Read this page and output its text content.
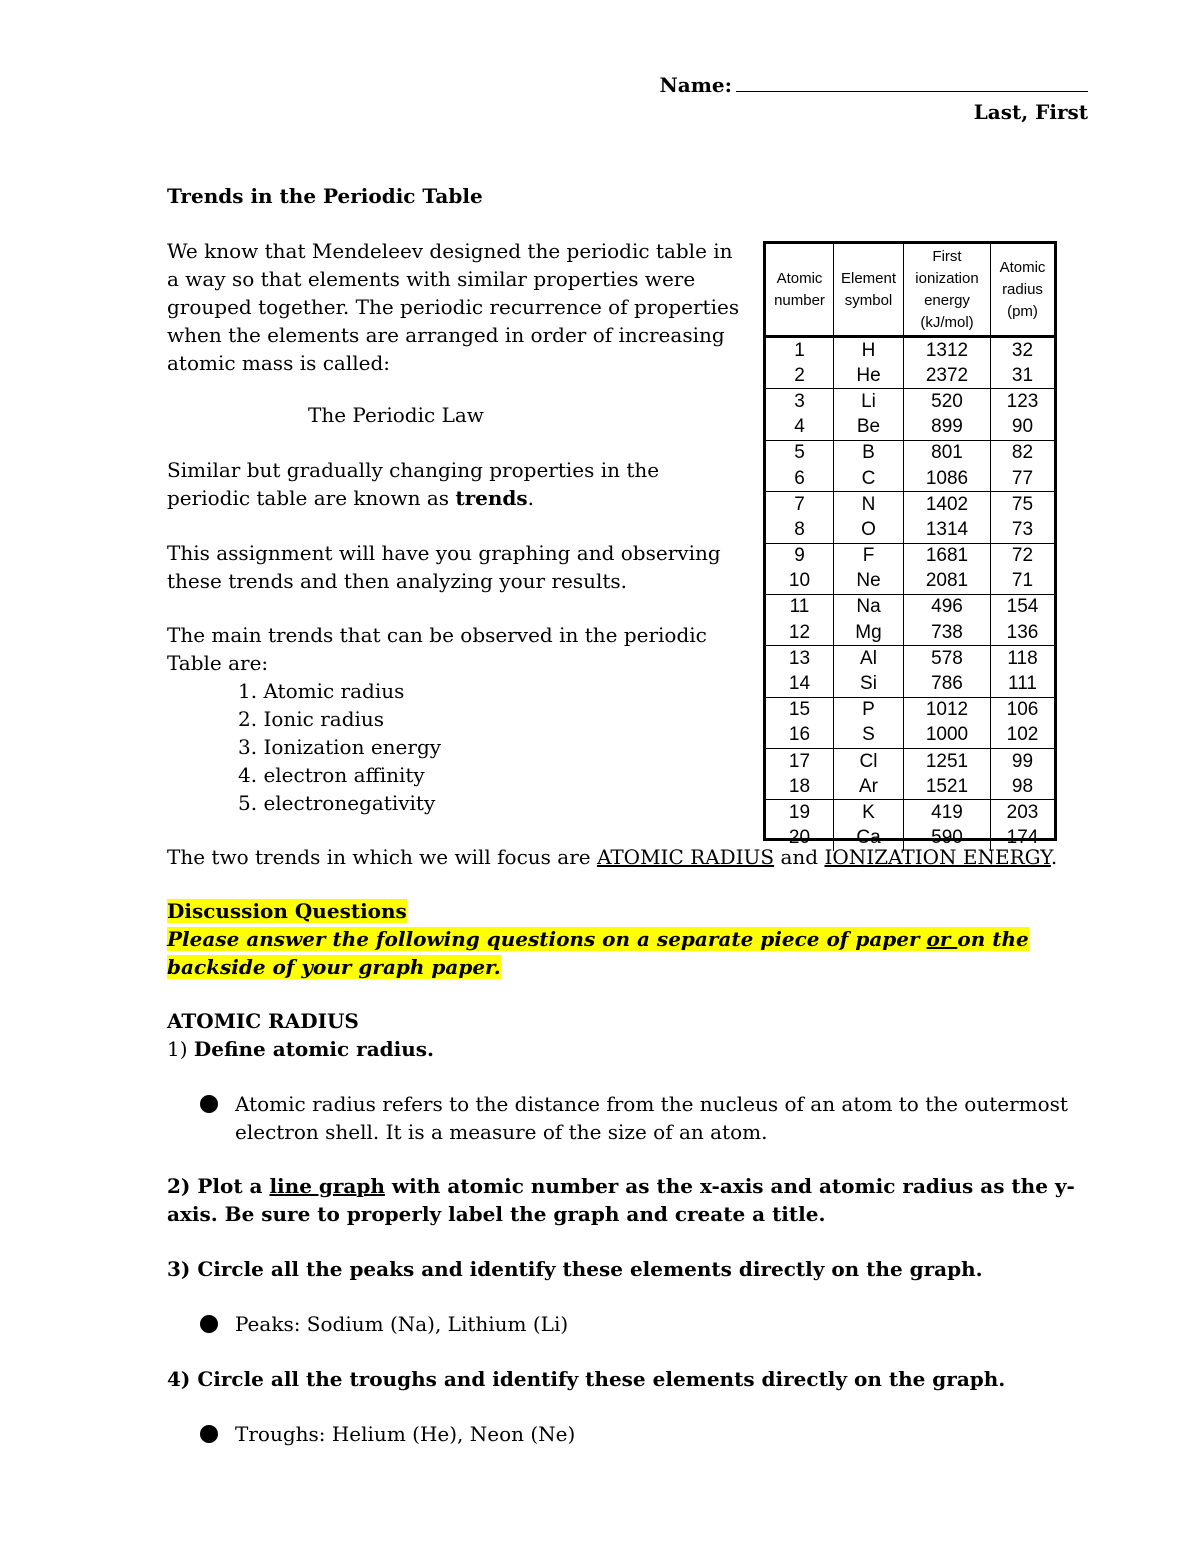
Name:
Last, First

Trends in the Periodic Table

We know that Mendeleev designed the periodic table in a way so that elements with similar properties were grouped together. The periodic recurrence of properties when the elements are arranged in order of increasing atomic mass is called:

The Periodic Law

Similar but gradually changing properties in the periodic table are known as trends.

This assignment will have you graphing and observing these trends and then analyzing your results.

The main trends that can be observed in the periodic Table are:

1. Atomic radius
2. Ionic radius
3. Ionization energy
4. electron affinity
5. electronegativity

The two trends in which we will focus are ATOMIC RADIUS and IONIZATION ENERGY.

Discussion Questions
Please answer the following questions on a separate piece of paper or on the backside of your graph paper.

ATOMIC RADIUS

1) Define atomic radius.

Atomic radius refers to the distance from the nucleus of an atom to the outermost electron shell. It is a measure of the size of an atom.

2) Plot a line graph with atomic number as the x-axis and atomic radius as the y-axis. Be sure to properly label the graph and create a title.

3) Circle all the peaks and identify these elements directly on the graph.

Peaks: Sodium (Na), Lithium (Li)

4) Circle all the troughs and identify these elements directly on the graph.

Troughs: Helium (He), Neon (Ne)
Atomic number	Element symbol	First ionization energy (kJ/mol)	Atomic radius (pm)
1	H	1312	32
2	He	2372	31
3	Li	520	123
4	Be	899	90
5	B	801	82
6	C	1086	77
7	N	1402	75
8	O	1314	73
9	F	1681	72
10	Ne	2081	71
11	Na	496	154
12	Mg	738	136
13	Al	578	118
14	Si	786	111
15	P	1012	106
16	S	1000	102
17	Cl	1251	99
18	Ar	1521	98
19	K	419	203
20	Ca	590	174
